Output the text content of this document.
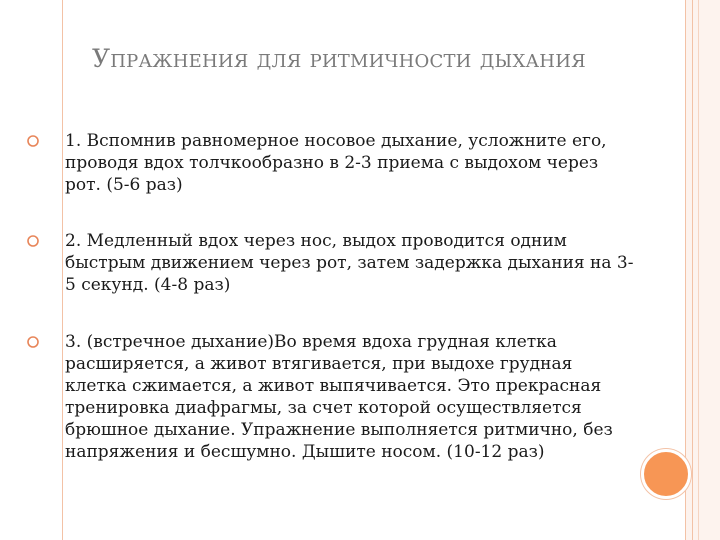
Упражнения для ритмичности дыхания
1. Вспомнив равномерное носовое дыхание, усложните его, проводя вдох толчкообразно в 2-3 приема с выдохом через рот. (5-6 раз)
2. Медленный вдох через нос, выдох проводится одним быстрым движением через рот, затем задержка дыхания на 3-5 секунд. (4-8 раз)
3. (встречное дыхание)Во время вдоха грудная клетка расширяется, а живот втягивается, при выдохе грудная клетка сжимается, а живот выпячивается. Это прекрасная тренировка диафрагмы, за счет которой осуществляется брюшное дыхание. Упражнение выполняется ритмично, без напряжения и бесшумно. Дышите носом. (10-12 раз)
